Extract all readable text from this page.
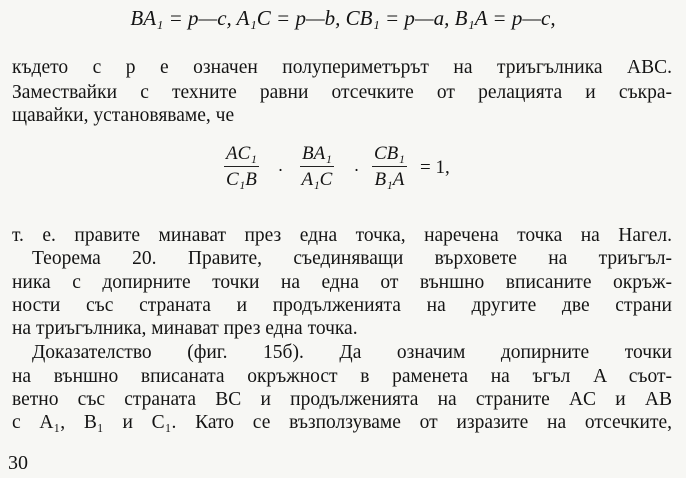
BA₁ = p—c, A₁C = p—b, CB₁ = p—a, B₁A = p—c,
където с p е означен полупериметърът на триъгълника ABC.
Замествайки с техните равни отсечките от релацията и съкра-
щавайки, установяваме, че
$\frac{\text{AC₁}}{\text{C₁B}} \cdot \frac{\text{BA₁}}{\text{A₁C}} \cdot \frac{\text{CB₁}}{\text{B₁A}} = 1$,
т. е. правите минават през една точка, наречена точка на Нагел.
Теорема 20. Правите, съединяващи върховете на триъгъл-
ника с допирните точки на една от външно вписаните окръж-
ности със страната и продълженията на другите две страни
на триъгълника, минават през една точка.
Доказателство (фиг. 15б). Да означим допирните точки
на външно вписаната окръжност в раменета на ъгъл A съот-
ветно със страната BC и продълженията на страните AC и AB
с A₁, B₁ и C₁. Като се възползуваме от изразите на отсечките,
30
